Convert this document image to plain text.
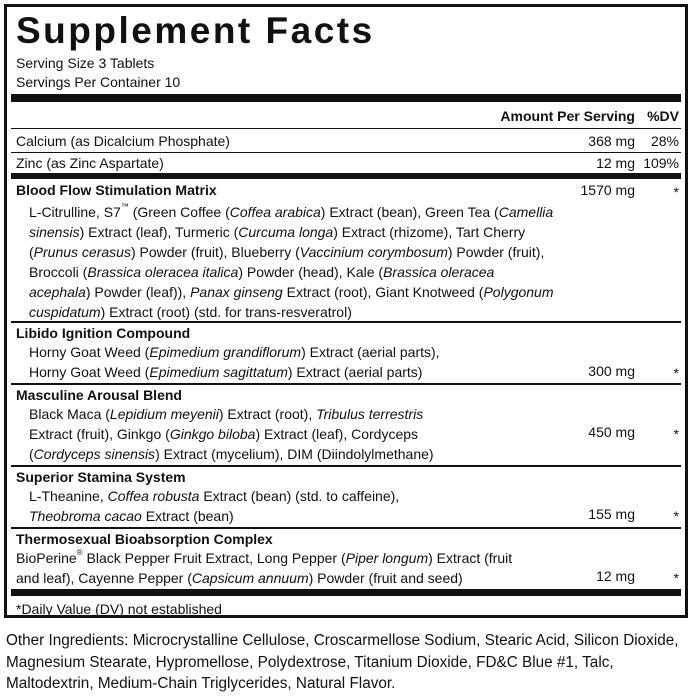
Supplement Facts
Serving Size 3 Tablets
Servings Per Container 10
Amount Per Serving %DV
Calcium (as Dicalcium Phosphate)	368 mg 28%
Zinc (as Zinc Aspartate)	12 mg 109%
Blood Flow Stimulation Matrix	1570 mg	*
L-Citrulline, S7™ (Green Coffee (Coffea arabica) Extract (bean), Green Tea (Camellia sinensis) Extract (leaf), Turmeric (Curcuma longa) Extract (rhizome), Tart Cherry (Prunus cerasus) Powder (fruit), Blueberry (Vaccinium corymbosum) Powder (fruit), Broccoli (Brassica oleracea italica) Powder (head), Kale (Brassica oleracea acephala) Powder (leaf)), Panax ginseng Extract (root), Giant Knotweed (Polygonum cuspidatum) Extract (root) (std. for trans-resveratrol)
Libido Ignition Compound
Horny Goat Weed (Epimedium grandiflorum) Extract (aerial parts), Horny Goat Weed (Epimedium sagittatum) Extract (aerial parts)	300 mg	*
Masculine Arousal Blend
Black Maca (Lepidium meyenii) Extract (root), Tribulus terrestris Extract (fruit), Ginkgo (Ginkgo biloba) Extract (leaf), Cordyceps (Cordyceps sinensis) Extract (mycelium), DIM (Diindolylmethane)
450 mg	*
Superior Stamina System
L-Theanine, Coffea robusta Extract (bean) (std. to caffeine), Theobroma cacao Extract (bean)	155 mg	*
Thermosexual Bioabsorption Complex
BioPerine® Black Pepper Fruit Extract, Long Pepper (Piper longum) Extract (fruit and leaf), Cayenne Pepper (Capsicum annuum) Powder (fruit and seed)	12 mg	*
*Daily Value (DV) not established
Other Ingredients: Microcrystalline Cellulose, Croscarmellose Sodium, Stearic Acid, Silicon Dioxide, Magnesium Stearate, Hypromellose, Polydextrose, Titanium Dioxide, FD&C Blue #1, Talc, Maltodextrin, Medium-Chain Triglycerides, Natural Flavor.
